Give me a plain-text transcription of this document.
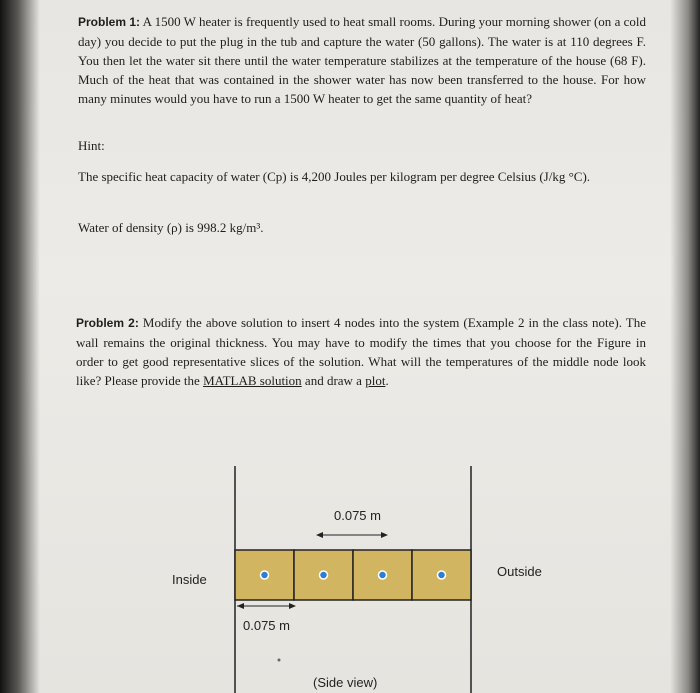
Problem 1: A 1500 W heater is frequently used to heat small rooms. During your morning shower (on a cold day) you decide to put the plug in the tub and capture the water (50 gallons). The water is at 110 degrees F. You then let the water sit there until the water temperature stabilizes at the temperature of the house (68 F). Much of the heat that was contained in the shower water has now been transferred to the house. For how many minutes would you have to run a 1500 W heater to get the same quantity of heat?

Hint:

The specific heat capacity of water (Cp) is 4,200 Joules per kilogram per degree Celsius (J/kg °C).

Water of density (ρ) is 998.2 kg/m³.

Problem 2: Modify the above solution to insert 4 nodes into the system (Example 2 in the class note). The wall remains the original thickness. You may have to modify the times that you choose for the Figure in order to get good representative slices of the solution. What will the temperatures of the middle node look like? Please provide the MATLAB solution and draw a plot.

Inside
Outside
0.075 m
0.075 m
(Side view)
